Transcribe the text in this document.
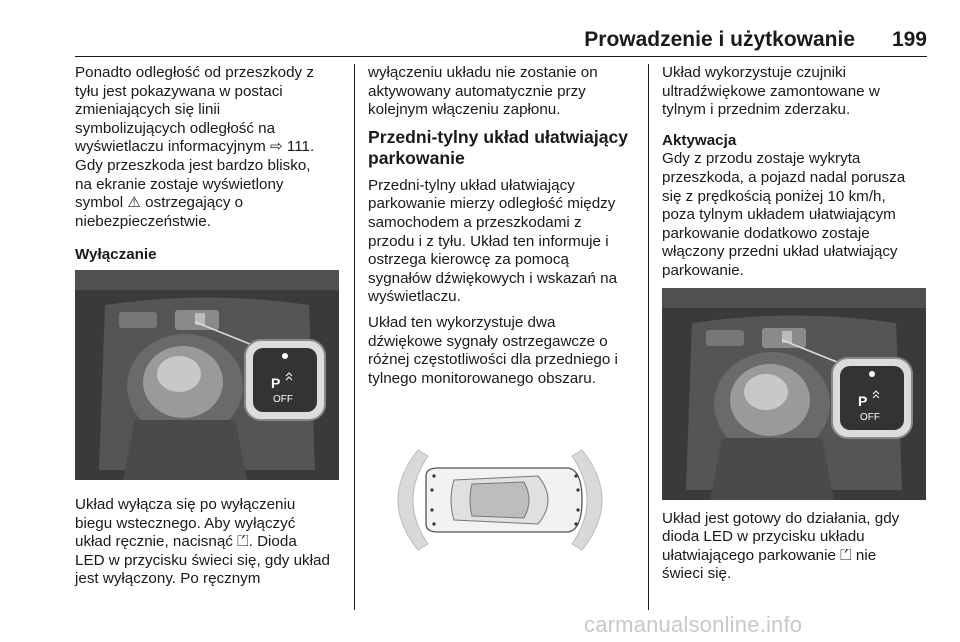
Prowadzenie i użytkowanie 199

Ponadto odległość od przeszkody z
tyłu jest pokazywana w postaci
zmieniających się linii
symbolizujących odległość na
wyświetlaczu informacyjnym ⇨ 111.
Gdy przeszkoda jest bardzo blisko,
na ekranie zostaje wyświetlony
symbol ⚠ ostrzegający o
niebezpieczeństwie.

Wyłączanie

Układ wyłącza się po wyłączeniu
biegu wstecznego. Aby wyłączyć
układ ręcznie, nacisnąć ⏍. Dioda
LED w przycisku świeci się, gdy układ
jest wyłączony. Po ręcznym

wyłączeniu układu nie zostanie on
aktywowany automatycznie przy
kolejnym włączeniu zapłonu.

Przedni-tylny układ ułatwiający
parkowanie

Przedni-tylny układ ułatwiający
parkowanie mierzy odległość między
samochodem a przeszkodami z
przodu i z tyłu. Układ ten informuje i
ostrzega kierowcę za pomocą
sygnałów dźwiękowych i wskazań na
wyświetlaczu.

Układ ten wykorzystuje dwa
dźwiękowe sygnały ostrzegawcze o
różnej częstotliwości dla przedniego i
tylnego monitorowanego obszaru.

Układ wykorzystuje czujniki
ultradźwiękowe zamontowane w
tylnym i przednim zderzaku.

Aktywacja

Gdy z przodu zostaje wykryta
przeszkoda, a pojazd nadal porusza
się z prędkością poniżej 10 km/h,
poza tylnym układem ułatwiającym
parkowanie dodatkowo zostaje
włączony przedni układ ułatwiający
parkowanie.

Układ jest gotowy do działania, gdy
dioda LED w przycisku układu
ułatwiającego parkowanie ⏍ nie
świeci się.

P
OFF	P
OFF
carmanualsonline.info
